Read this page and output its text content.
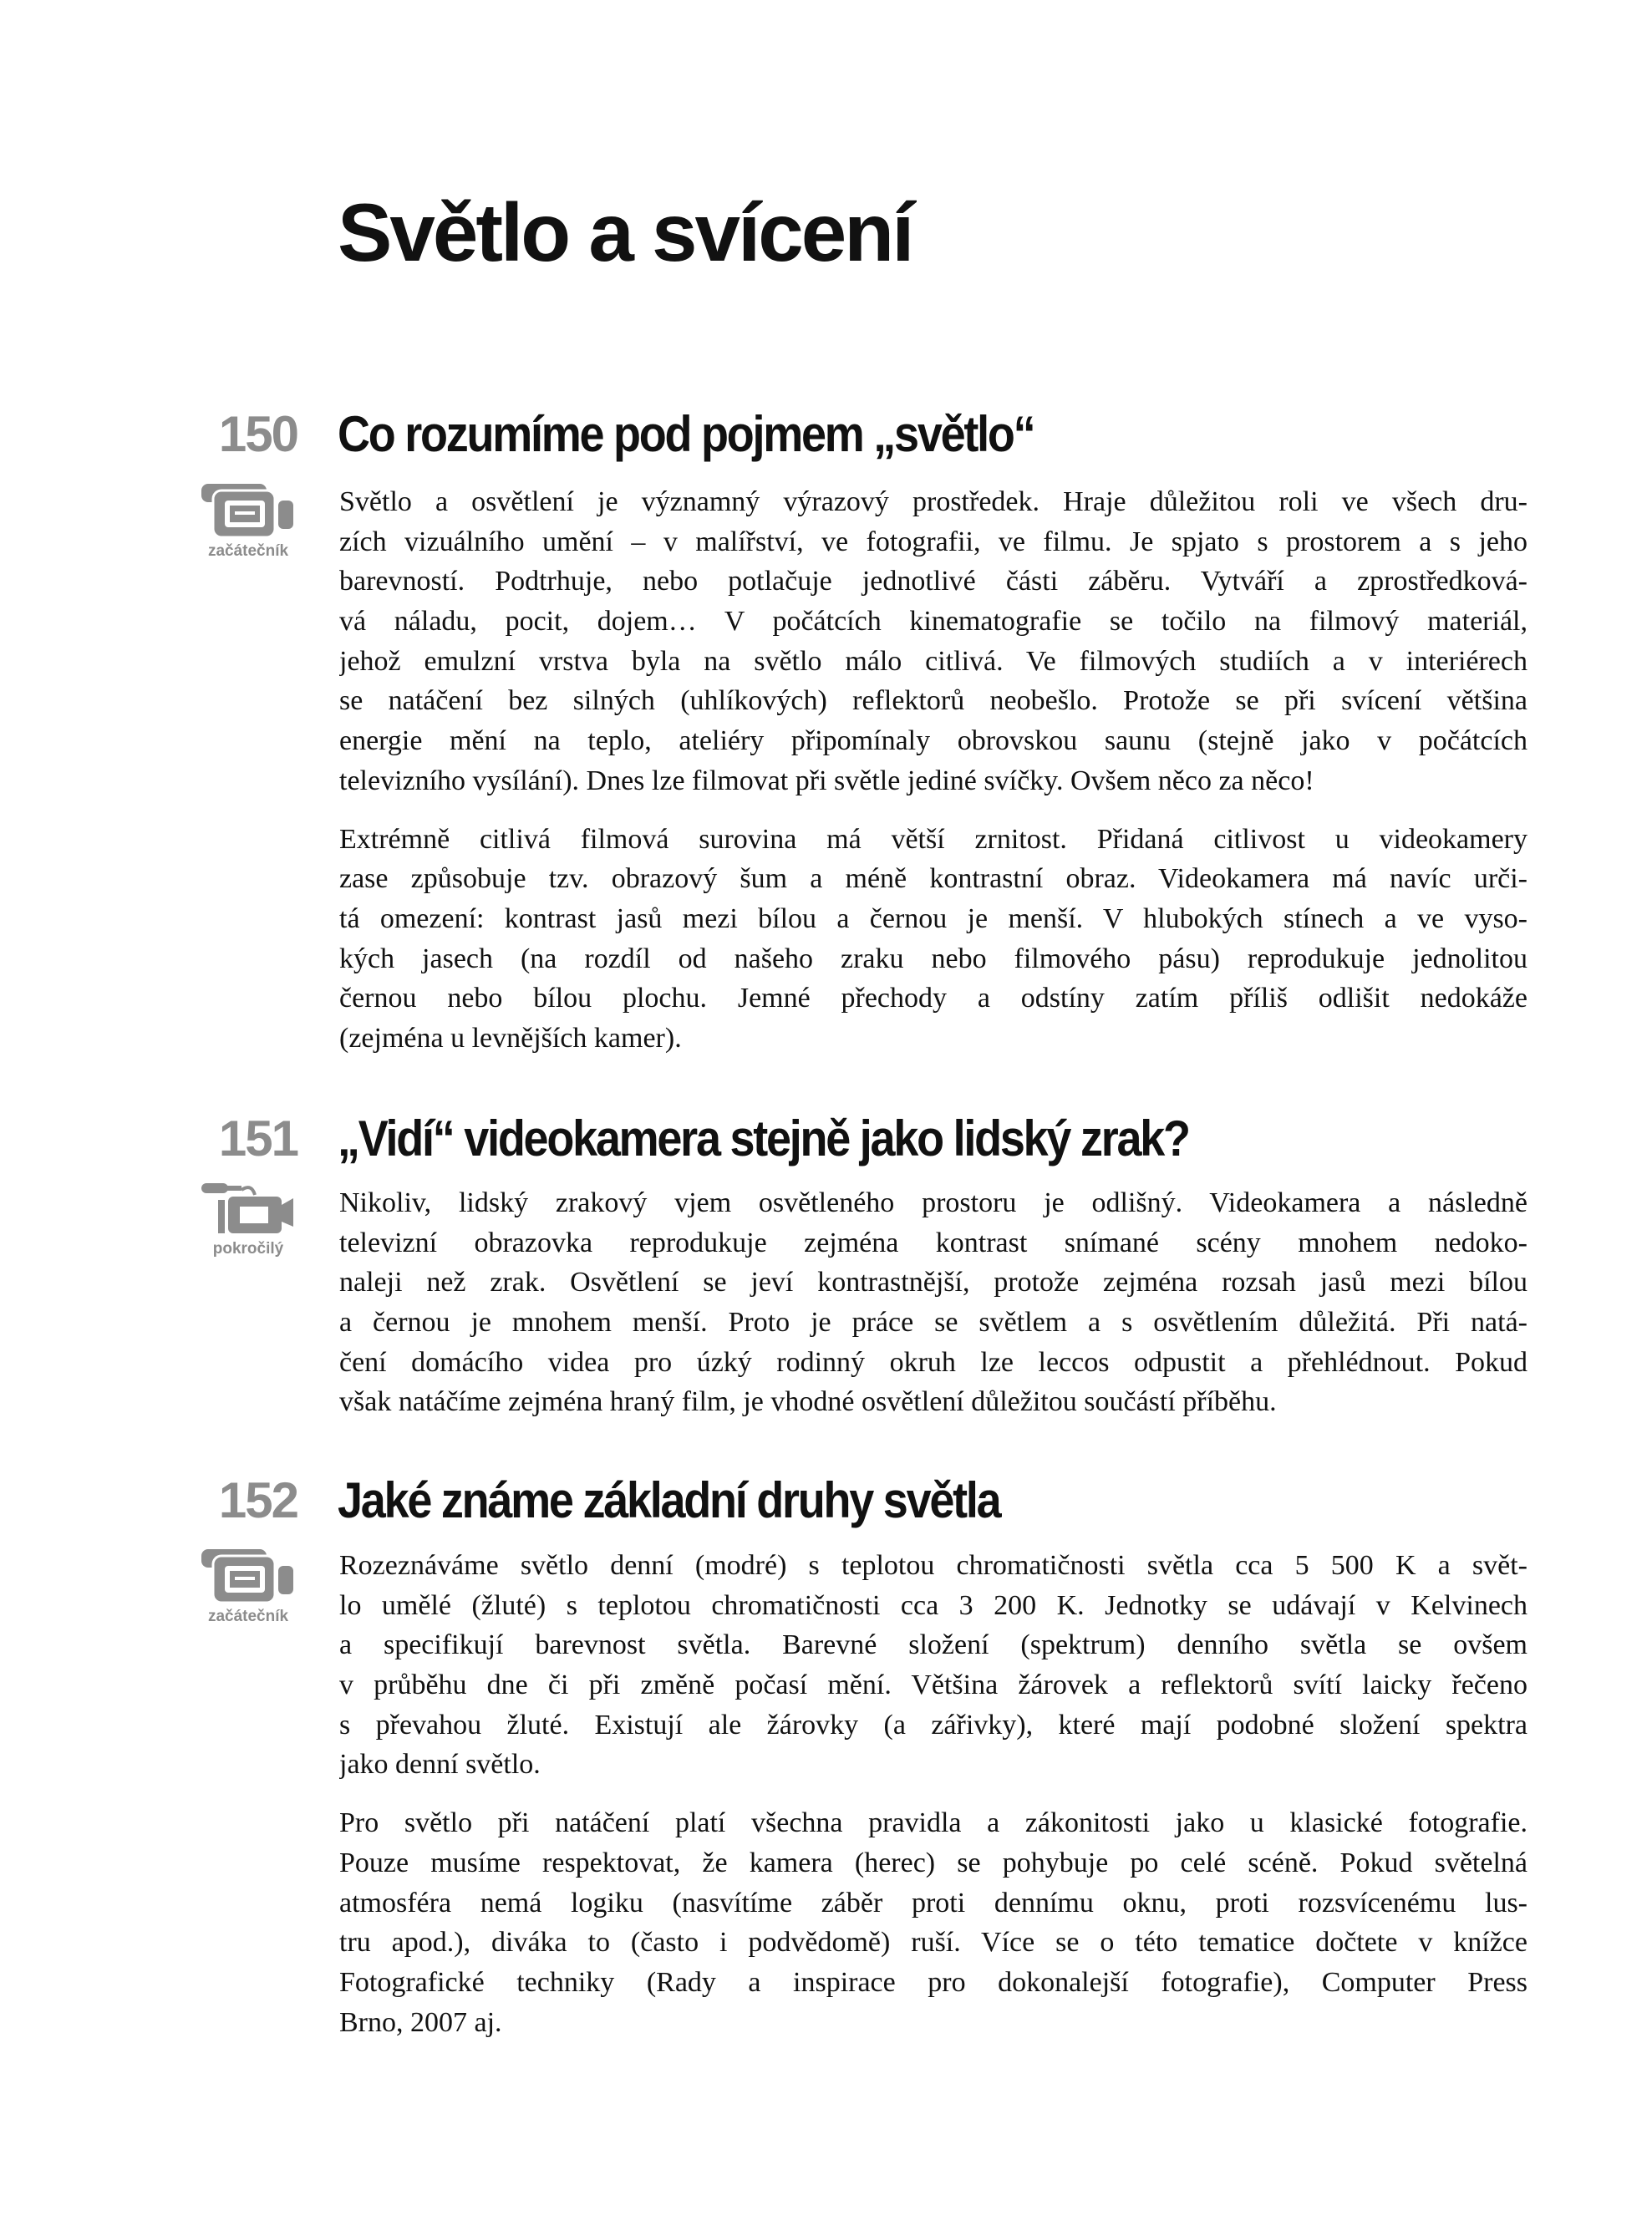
Světlo a svícení
150 Co rozumíme pod pojmem „světlo“
začátečník
Světlo a osvětlení je významný výrazový prostředek. Hraje důležitou roli ve všech dru-
zích vizuálního umění – v malířství, ve fotografii, ve filmu. Je spjato s prostorem a s jeho
barevností. Podtrhuje, nebo potlačuje jednotlivé části záběru. Vytváří a zprostředková-
vá náladu, pocit, dojem… V počátcích kinematografie se točilo na filmový materiál,
jehož emulzní vrstva byla na světlo málo citlivá. Ve filmových studiích a v interiérech
se natáčení bez silných (uhlíkových) reflektorů neobešlo. Protože se při svícení většina
energie mění na teplo, ateliéry připomínaly obrovskou saunu (stejně jako v počátcích
televizního vysílání). Dnes lze filmovat při světle jediné svíčky. Ovšem něco za něco!
Extrémně citlivá filmová surovina má větší zrnitost. Přidaná citlivost u videokamery
zase způsobuje tzv. obrazový šum a méně kontrastní obraz. Videokamera má navíc urči-
tá omezení: kontrast jasů mezi bílou a černou je menší. V hlubokých stínech a ve vyso-
kých jasech (na rozdíl od našeho zraku nebo filmového pásu) reprodukuje jednolitou
černou nebo bílou plochu. Jemné přechody a odstíny zatím příliš odlišit nedokáže
(zejména u levnějších kamer).
151 „Vidí“ videokamera stejně jako lidský zrak?
pokročilý
Nikoliv, lidský zrakový vjem osvětleného prostoru je odlišný. Videokamera a následně
televizní obrazovka reprodukuje zejména kontrast snímané scény mnohem nedoko-
naleji než zrak. Osvětlení se jeví kontrastnější, protože zejména rozsah jasů mezi bílou
a černou je mnohem menší. Proto je práce se světlem a s osvětlením důležitá. Při natá-
čení domácího videa pro úzký rodinný okruh lze leccos odpustit a přehlédnout. Pokud
však natáčíme zejména hraný film, je vhodné osvětlení důležitou součástí příběhu.
152 Jaké známe základní druhy světla
začátečník
Rozeznáváme světlo denní (modré) s teplotou chromatičnosti světla cca 5 500 K a svět-
lo umělé (žluté) s teplotou chromatičnosti cca 3 200 K. Jednotky se udávají v Kelvinech
a specifikují barevnost světla. Barevné složení (spektrum) denního světla se ovšem
v průběhu dne či při změně počasí mění. Většina žárovek a reflektorů svítí laicky řečeno
s převahou žluté. Existují ale žárovky (a zářivky), které mají podobné složení spektra
jako denní světlo.
Pro světlo při natáčení platí všechna pravidla a zákonitosti jako u klasické fotografie.
Pouze musíme respektovat, že kamera (herec) se pohybuje po celé scéně. Pokud světelná
atmosféra nemá logiku (nasvítíme záběr proti dennímu oknu, proti rozsvícenému lus-
tru apod.), diváka to (často i podvědomě) ruší. Více se o této tematice dočtete v knížce
Fotografické techniky (Rady a inspirace pro dokonalejší fotografie), Computer Press
Brno, 2007 aj.
